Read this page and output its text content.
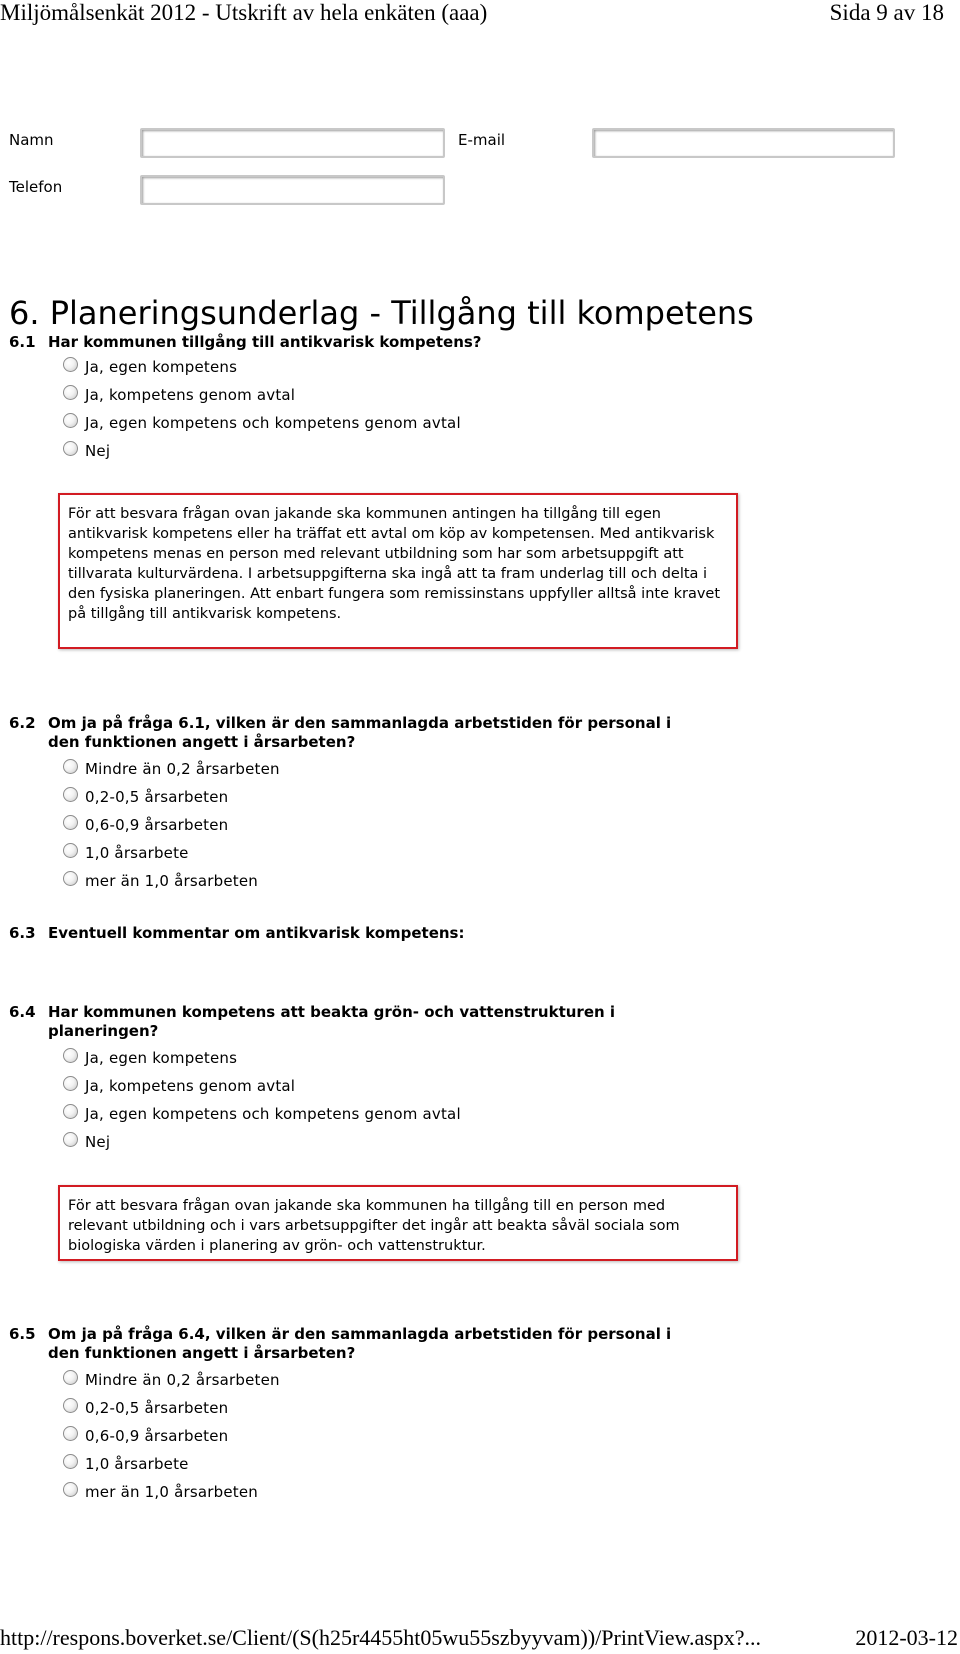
Miljömålsenkät 2012 - Utskrift av hela enkäten (aaa)	Sida 9 av 18
Namn	E-mail
Telefon
6. Planeringsunderlag - Tillgång till kompetens
6.1 Har kommunen tillgång till antikvarisk kompetens?
Ja, egen kompetens
Ja, kompetens genom avtal
Ja, egen kompetens och kompetens genom avtal
Nej
För att besvara frågan ovan jakande ska kommunen antingen ha tillgång till egen antikvarisk kompetens eller ha träffat ett avtal om köp av kompetensen. Med antikvarisk kompetens menas en person med relevant utbildning som har som arbetsuppgift att tillvarata kulturvärdena. I arbetsuppgifterna ska ingå att ta fram underlag till och delta i den fysiska planeringen. Att enbart fungera som remissinstans uppfyller alltså inte kravet på tillgång till antikvarisk kompetens.
6.2 Om ja på fråga 6.1, vilken är den sammanlagda arbetstiden för personal i den funktionen angett i årsarbeten?
Mindre än 0,2 årsarbeten
0,2-0,5 årsarbeten
0,6-0,9 årsarbeten
1,0 årsarbete
mer än 1,0 årsarbeten
6.3 Eventuell kommentar om antikvarisk kompetens:
6.4 Har kommunen kompetens att beakta grön- och vattenstrukturen i planeringen?
Ja, egen kompetens
Ja, kompetens genom avtal
Ja, egen kompetens och kompetens genom avtal
Nej
För att besvara frågan ovan jakande ska kommunen ha tillgång till en person med relevant utbildning och i vars arbetsuppgifter det ingår att beakta såväl sociala som biologiska värden i planering av grön- och vattenstruktur.
6.5 Om ja på fråga 6.4, vilken är den sammanlagda arbetstiden för personal i den funktionen angett i årsarbeten?
Mindre än 0,2 årsarbeten
0,2-0,5 årsarbeten
0,6-0,9 årsarbeten
1,0 årsarbete
mer än 1,0 årsarbeten
http://respons.boverket.se/Client/(S(h25r4455ht05wu55szbyyvam))/PrintView.aspx?...	2012-03-12
